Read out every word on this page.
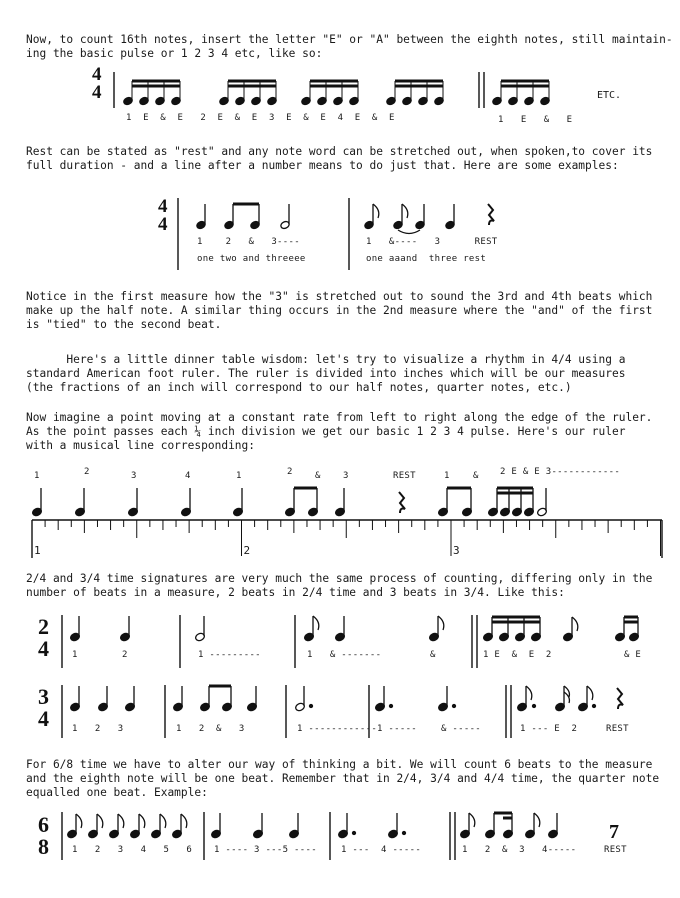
Now, to count 16th notes, insert the letter "E" or "A" between the eighth notes, still maintain-
ing the basic pulse or 1 2 3 4 etc, like so:
Rest can be stated as "rest" and any note word can be stretched out, when spoken,to cover its
full duration - and a line after a number means to do just that. Here are some examples:
Notice in the first measure how the "3" is stretched out to sound the 3rd and 4th beats which
make up the half note. A similar thing occurs in the 2nd measure where the "and" of the first
is "tied" to the second beat.
Here's a little dinner table wisdom: let's try to visualize a rhythm in 4/4 using a
standard American foot ruler. The ruler is divided into inches which will be our measures
(the fractions of an inch will correspond to our half notes, quarter notes, etc.)
Now imagine a point moving at a constant rate from left to right along the edge of the ruler.
As the point passes each ¼ inch division we get our basic 1 2 3 4 pulse. Here's our ruler
with a musical line corresponding:
2/4 and 3/4 time signatures are very much the same process of counting, differing only in the
number of beats in a measure, 2 beats in 2/4 time and 3 beats in 3/4. Like this:
For 6/8 time we have to alter our way of thinking a bit. We will count 6 beats to the measure
and the eighth note will be one beat. Remember that in 2/4, 3/4 and 4/4 time, the quarter note
equalled one beat. Example:
4
4
1  E  &  E   2  E  &  E  3  E  &  E  4  E  &  E	1   E   &   E
ETC.
4
4
1    2   &   3----
one two and threeee
1   &----   3      REST
one aaand  three rest
1	2	3	4	1	2 & 3	REST	1	& 2 E & E 3------------
1	2	3
2
4	1	2	1 ---------	1   & -------	&	1 E  &  E  2	& E
3
4	1   2   3	1   2  &   3	1 ------------ 1 -----	& -----	1 --- E  2	REST
6
8
7
1   2   3   4   5   6 1 ---- 3 ---5 ----	1 ---  4 -----	1   2  &  3   4-----	REST
